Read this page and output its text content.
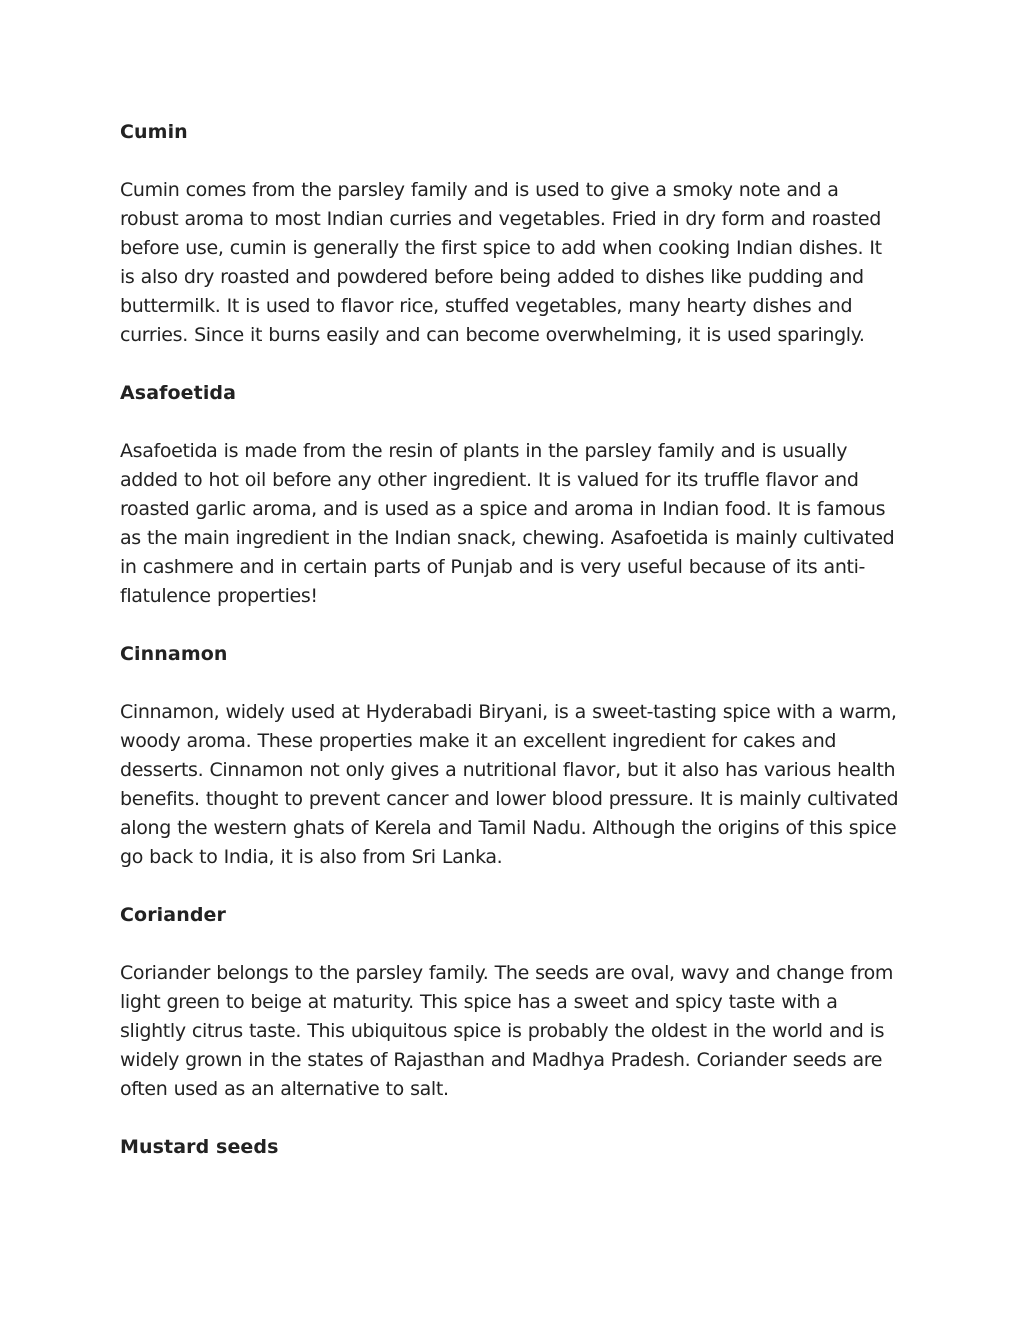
Cumin

Cumin comes from the parsley family and is used to give a smoky note and a robust aroma to most Indian curries and vegetables. Fried in dry form and roasted before use, cumin is generally the first spice to add when cooking Indian dishes. It is also dry roasted and powdered before being added to dishes like pudding and buttermilk. It is used to flavor rice, stuffed vegetables, many hearty dishes and curries. Since it burns easily and can become overwhelming, it is used sparingly.

Asafoetida

Asafoetida is made from the resin of plants in the parsley family and is usually added to hot oil before any other ingredient. It is valued for its truffle flavor and roasted garlic aroma, and is used as a spice and aroma in Indian food. It is famous as the main ingredient in the Indian snack, chewing. Asafoetida is mainly cultivated in cashmere and in certain parts of Punjab and is very useful because of its anti-flatulence properties!

Cinnamon

Cinnamon, widely used at Hyderabadi Biryani, is a sweet-tasting spice with a warm, woody aroma. These properties make it an excellent ingredient for cakes and desserts. Cinnamon not only gives a nutritional flavor, but it also has various health benefits. thought to prevent cancer and lower blood pressure. It is mainly cultivated along the western ghats of Kerela and Tamil Nadu. Although the origins of this spice go back to India, it is also from Sri Lanka.

Coriander

Coriander belongs to the parsley family. The seeds are oval, wavy and change from light green to beige at maturity. This spice has a sweet and spicy taste with a slightly citrus taste. This ubiquitous spice is probably the oldest in the world and is widely grown in the states of Rajasthan and Madhya Pradesh. Coriander seeds are often used as an alternative to salt.

Mustard seeds
